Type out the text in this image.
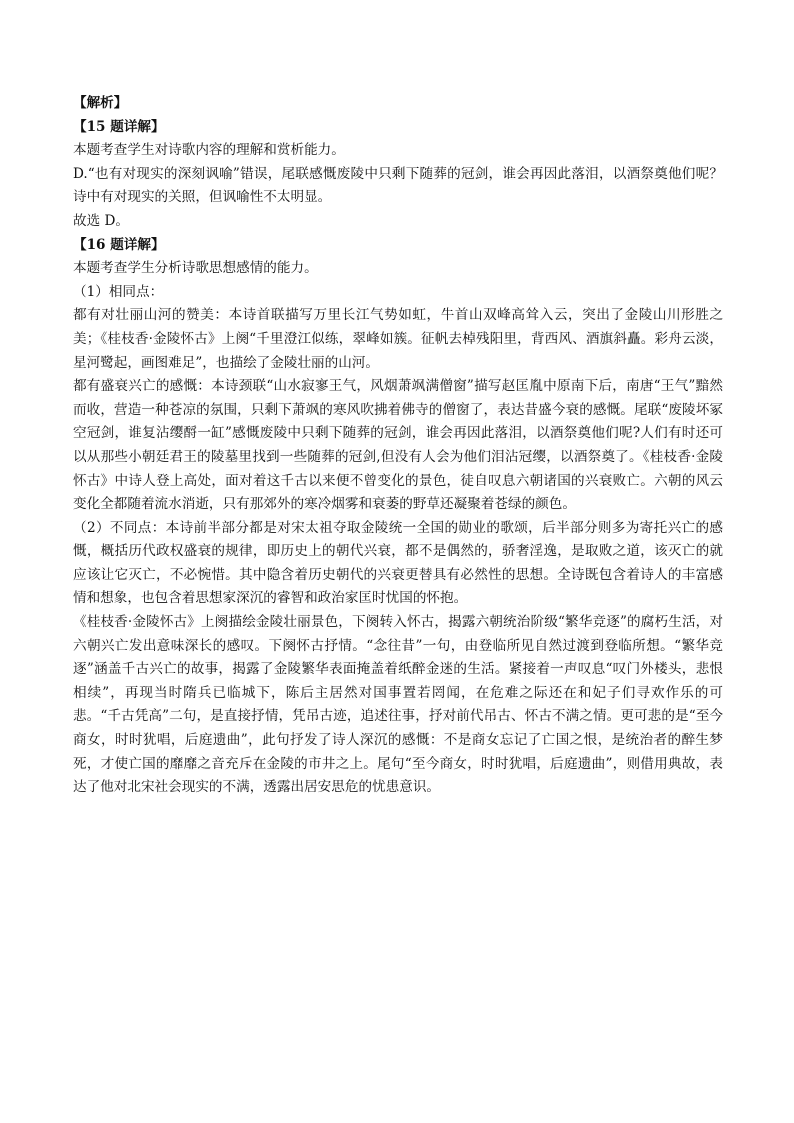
【解析】

【15 题详解】

本题考查学生对诗歌内容的理解和赏析能力。

D.“也有对现实的深刻讽喻”错误，尾联感慨废陵中只剩下随葬的冠剑，谁会再因此落泪，以酒祭奠他们呢？诗中有对现实的关照，但讽喻性不太明显。

故选 D。

【16 题详解】

本题考查学生分析诗歌思想感情的能力。

（1）相同点：

都有对壮丽山河的赞美：本诗首联描写万里长江气势如虹，牛首山双峰高耸入云，突出了金陵山川形胜之美；《桂枝香·金陵怀古》上阕“千里澄江似练，翠峰如簇。征帆去棹残阳里，背西风、酒旗斜矗。彩舟云淡，星河鹭起，画图难足”，也描绘了金陵壮丽的山河。

都有盛衰兴亡的感慨：本诗颈联“山水寂寥王气，风烟萧飒满僧窗”描写赵匡胤中原南下后，南唐“王气”黯然而收，营造一种苍凉的氛围，只剩下萧飒的寒风吹拂着佛寺的僧窗了，表达昔盛今衰的感慨。尾联“废陵坏冢空冠剑，谁复沾缨酹一缸”感慨废陵中只剩下随葬的冠剑，谁会再因此落泪，以酒祭奠他们呢?人们有时还可以从那些小朝廷君王的陵墓里找到一些随葬的冠剑,但没有人会为他们泪沾冠缨，以酒祭奠了。《桂枝香·金陵怀古》中诗人登上高处，面对着这千古以来便不曾变化的景色，徒自叹息六朝诸国的兴衰败亡。六朝的风云变化全都随着流水消逝，只有那郊外的寒冷烟雾和衰萎的野草还凝聚着苍绿的颜色。

（2）不同点：本诗前半部分都是对宋太祖夺取金陵统一全国的勋业的歌颂，后半部分则多为寄托兴亡的感慨，概括历代政权盛衰的规律，即历史上的朝代兴衰，都不是偶然的，骄奢淫逸，是取败之道，该灭亡的就应该让它灭亡，不必惋惜。其中隐含着历史朝代的兴衰更替具有必然性的思想。全诗既包含着诗人的丰富感情和想象，也包含着思想家深沉的睿智和政治家匡时忧国的怀抱。

《桂枝香·金陵怀古》上阕描绘金陵壮丽景色，下阕转入怀古，揭露六朝统治阶级“繁华竞逐”的腐朽生活，对六朝兴亡发出意味深长的感叹。下阕怀古抒情。“念往昔”一句，由登临所见自然过渡到登临所想。“繁华竞逐”涵盖千古兴亡的故事，揭露了金陵繁华表面掩盖着纸醉金迷的生活。紧接着一声叹息“叹门外楼头，悲恨相续”，再现当时隋兵已临城下，陈后主居然对国事置若罔闻，在危难之际还在和妃子们寻欢作乐的可悲。“千古凭高”二句，是直接抒情，凭吊古迹，追述往事，抒对前代吊古、怀古不满之情。更可悲的是“至今商女，时时犹唱，后庭遗曲”，此句抒发了诗人深沉的感慨：不是商女忘记了亡国之恨，是统治者的醉生梦死，才使亡国的靡靡之音充斥在金陵的市井之上。尾句“至今商女，时时犹唱，后庭遗曲”，则借用典故，表达了他对北宋社会现实的不满，透露出居安思危的忧患意识。
